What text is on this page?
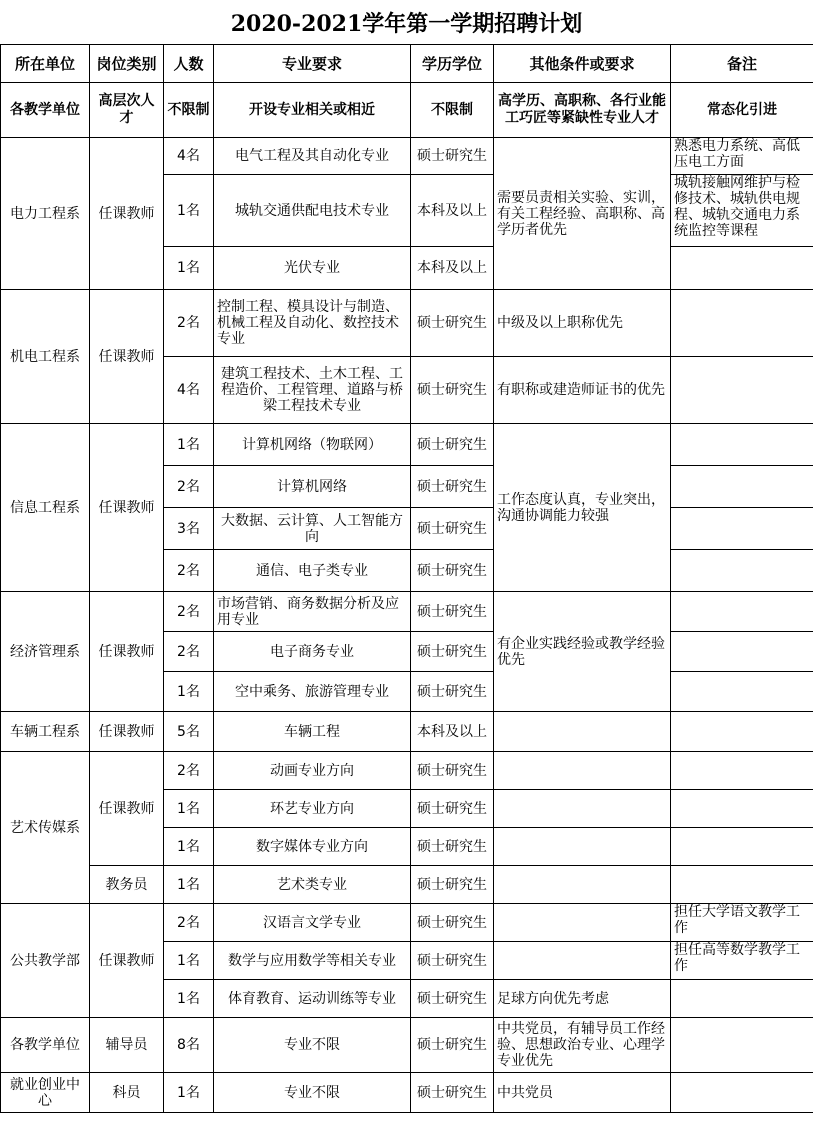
2020-2021学年第一学期招聘计划
所在单位	岗位类别	人数	专业要求	学历学位	其他条件或要求	备注
各教学单位	高层次人才	不限制	开设专业相关或相近	不限制	高学历、高职称、各行业能工巧匠等紧缺性专业人才	常态化引进
电力工程系	任课教师	4名	电气工程及其自动化专业	硕士研究生	需要员责相关实验、实训，有关工程经验、高职称、高学历者优先	熟悉电力系统、高低压电工方面
		1名	城轨交通供配电技术专业	本科及以上		城轨接触网维护与检修技术、城轨供电规程、城轨交通电力系统监控等课程
		1名	光伏专业	本科及以上		
机电工程系	任课教师	2名	控制工程、模具设计与制造、机械工程及自动化、数控技术专业	硕士研究生	中级及以上职称优先	
		4名	建筑工程技术、土木工程、工程造价、工程管理、道路与桥梁工程技术专业	硕士研究生	有职称或建造师证书的优先	
信息工程系	任课教师	1名	计算机网络（物联网）	硕士研究生	工作态度认真，专业突出，沟通协调能力较强	
		2名	计算机网络	硕士研究生		
		3名	大数据、云计算、人工智能方向	硕士研究生		
		2名	通信、电子类专业	硕士研究生		
经济管理系	任课教师	2名	市场营销、商务数据分析及应用专业	硕士研究生	有企业实践经验或教学经验优先	
		2名	电子商务专业	硕士研究生		
		1名	空中乘务、旅游管理专业	硕士研究生		
车辆工程系	任课教师	5名	车辆工程	本科及以上		
艺术传媒系	任课教师	2名	动画专业方向	硕士研究生		
		1名	环艺专业方向	硕士研究生		
		1名	数字媒体专业方向	硕士研究生		
	教务员	1名	艺术类专业	硕士研究生		
公共教学部	任课教师	2名	汉语言文学专业	硕士研究生		担任大学语文教学工作
		1名	数学与应用数学等相关专业	硕士研究生		担任高等数学教学工作
		1名	体育教育、运动训练等专业	硕士研究生	足球方向优先考虑	
各教学单位	辅导员	8名	专业不限	硕士研究生	中共党员，有辅导员工作经验、思想政治专业、心理学专业优先	
就业创业中心	科员	1名	专业不限	硕士研究生	中共党员	
